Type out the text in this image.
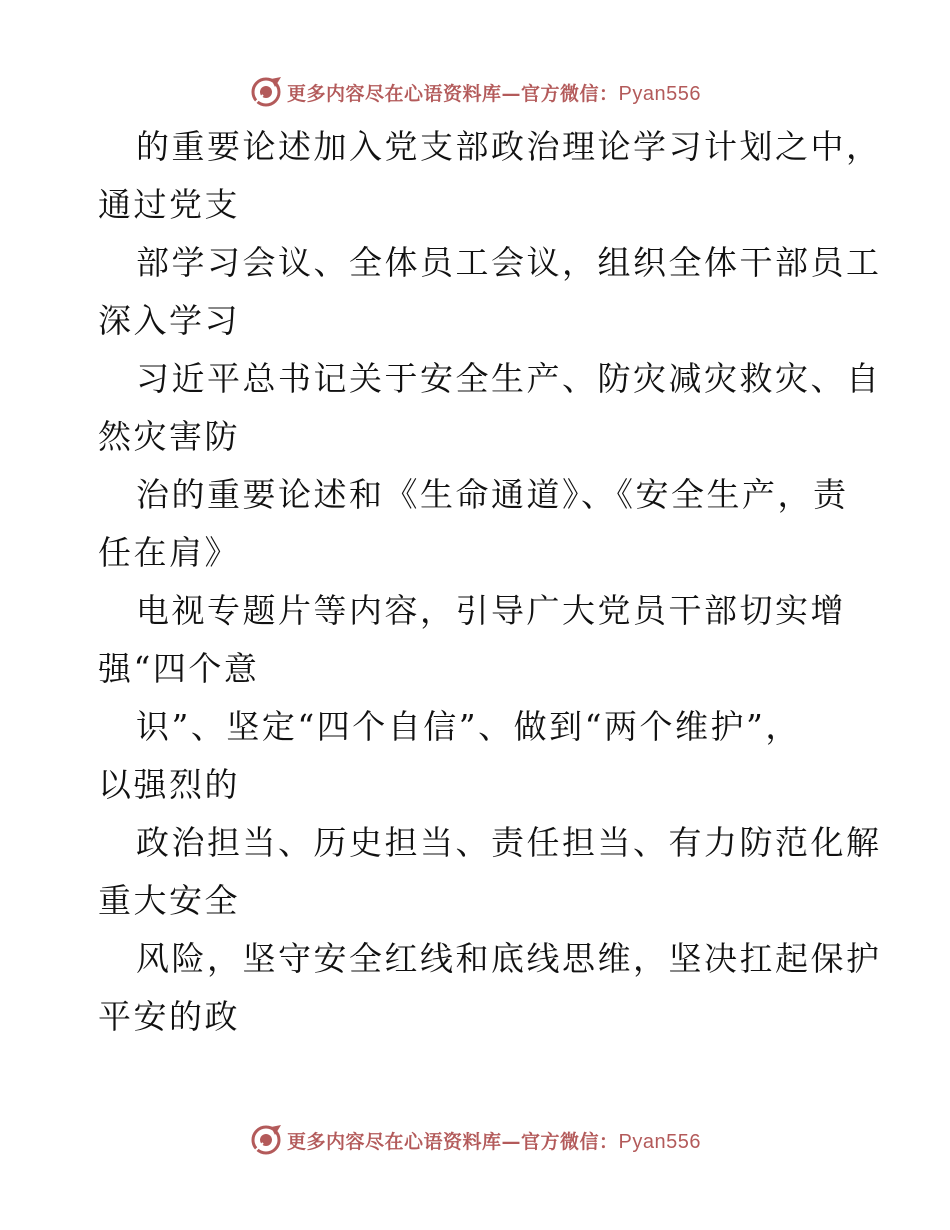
更多内容尽在心语资料库—官方微信：Pyan556
的重要论述加入党支部政治理论学习计划之中，
通过党支
部学习会议、全体员工会议，组织全体干部员工
深入学习
习近平总书记关于安全生产、防灾减灾救灾、自
然灾害防
治的重要论述和《生命通道》、《安全生产，责
任在肩》
电视专题片等内容，引导广大党员干部切实增
强“四个意
识”、坚定“四个自信”、做到“两个维护”，
以强烈的
政治担当、历史担当、责任担当、有力防范化解
重大安全
风险，坚守安全红线和底线思维，坚决扛起保护
平安的政
更多内容尽在心语资料库—官方微信：Pyan556
